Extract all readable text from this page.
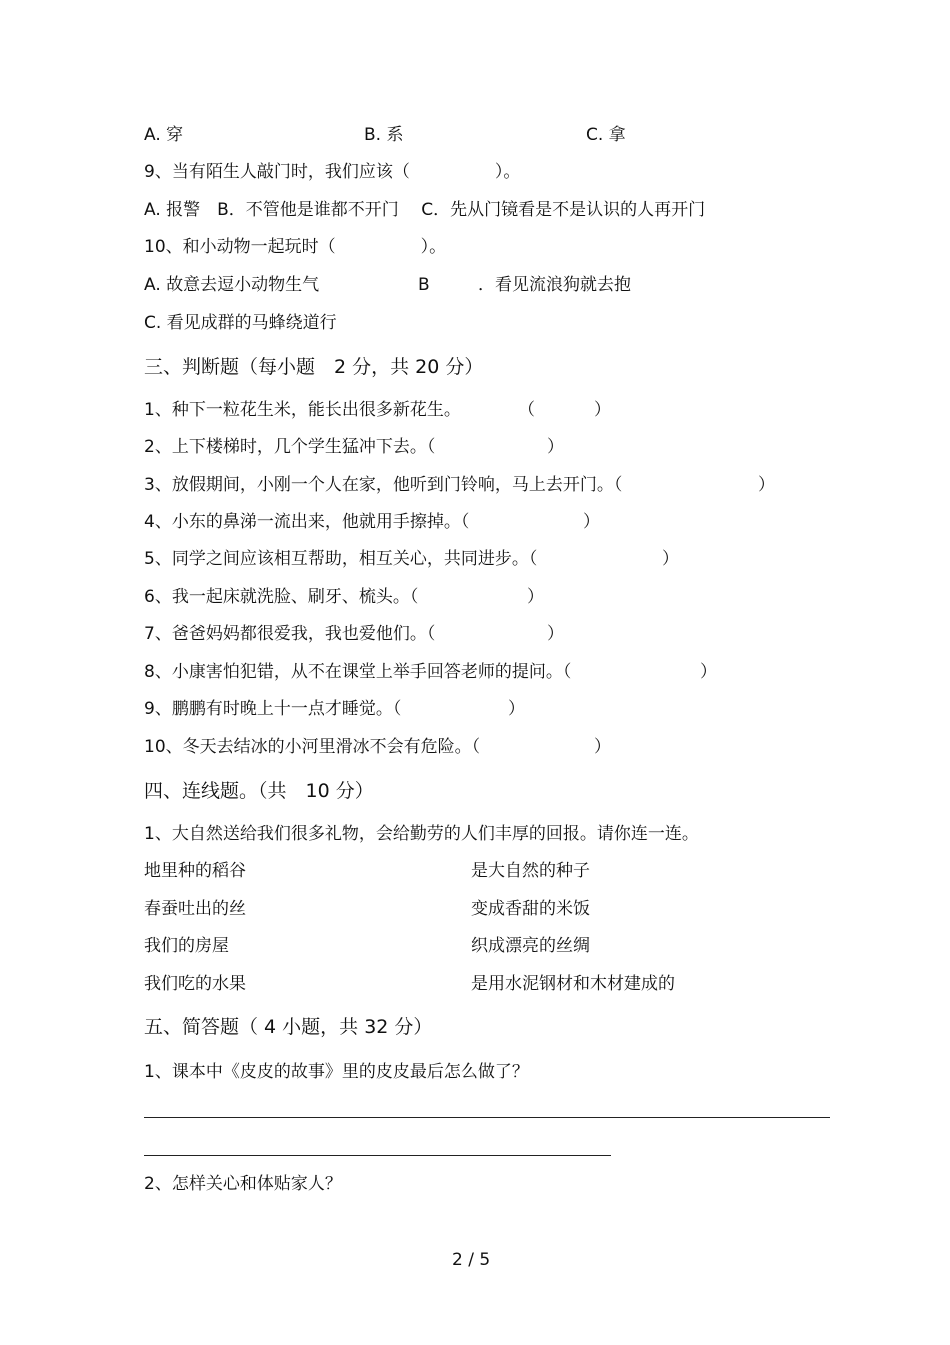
A. 穿	B. 系	C. 拿
9、当有陌生人敲门时，我们应该（　　　　　）。
A. 报警　B．不管他是谁都不开门　 C．先从门镜看是不是认识的人再开门
10、和小动物一起玩时（　　　　　）。
A. 故意去逗小动物生气	B	．看见流浪狗就去抱
C. 看见成群的马蜂绕道行
三、判断题（每小题　2 分，共 20 分）
1、种下一粒花生米，能长出很多新花生。	（	）
2、上下楼梯时，几个学生猛冲下去。（	）
3、放假期间，小刚一个人在家，他听到门铃响，马上去开门。（	）
4、小东的鼻涕一流出来，他就用手擦掉。（	）
5、同学之间应该相互帮助，相互关心，共同进步。（	）
6、我一起床就洗脸、刷牙、梳头。（	）
7、爸爸妈妈都很爱我，我也爱他们。（	）
8、小康害怕犯错，从不在课堂上举手回答老师的提问。（	）
9、鹏鹏有时晚上十一点才睡觉。（	）
10、冬天去结冰的小河里滑冰不会有危险。（	）
四、连线题。（共　10 分）
1、大自然送给我们很多礼物，会给勤劳的人们丰厚的回报。请你连一连。
地里种的稻谷	是大自然的种子
春蚕吐出的丝	变成香甜的米饭
我们的房屋	织成漂亮的丝绸
我们吃的水果	是用水泥钢材和木材建成的
五、简答题（ 4 小题，共 32 分）
1、课本中《皮皮的故事》里的皮皮最后怎么做了？
2、怎样关心和体贴家人？
2 / 5
